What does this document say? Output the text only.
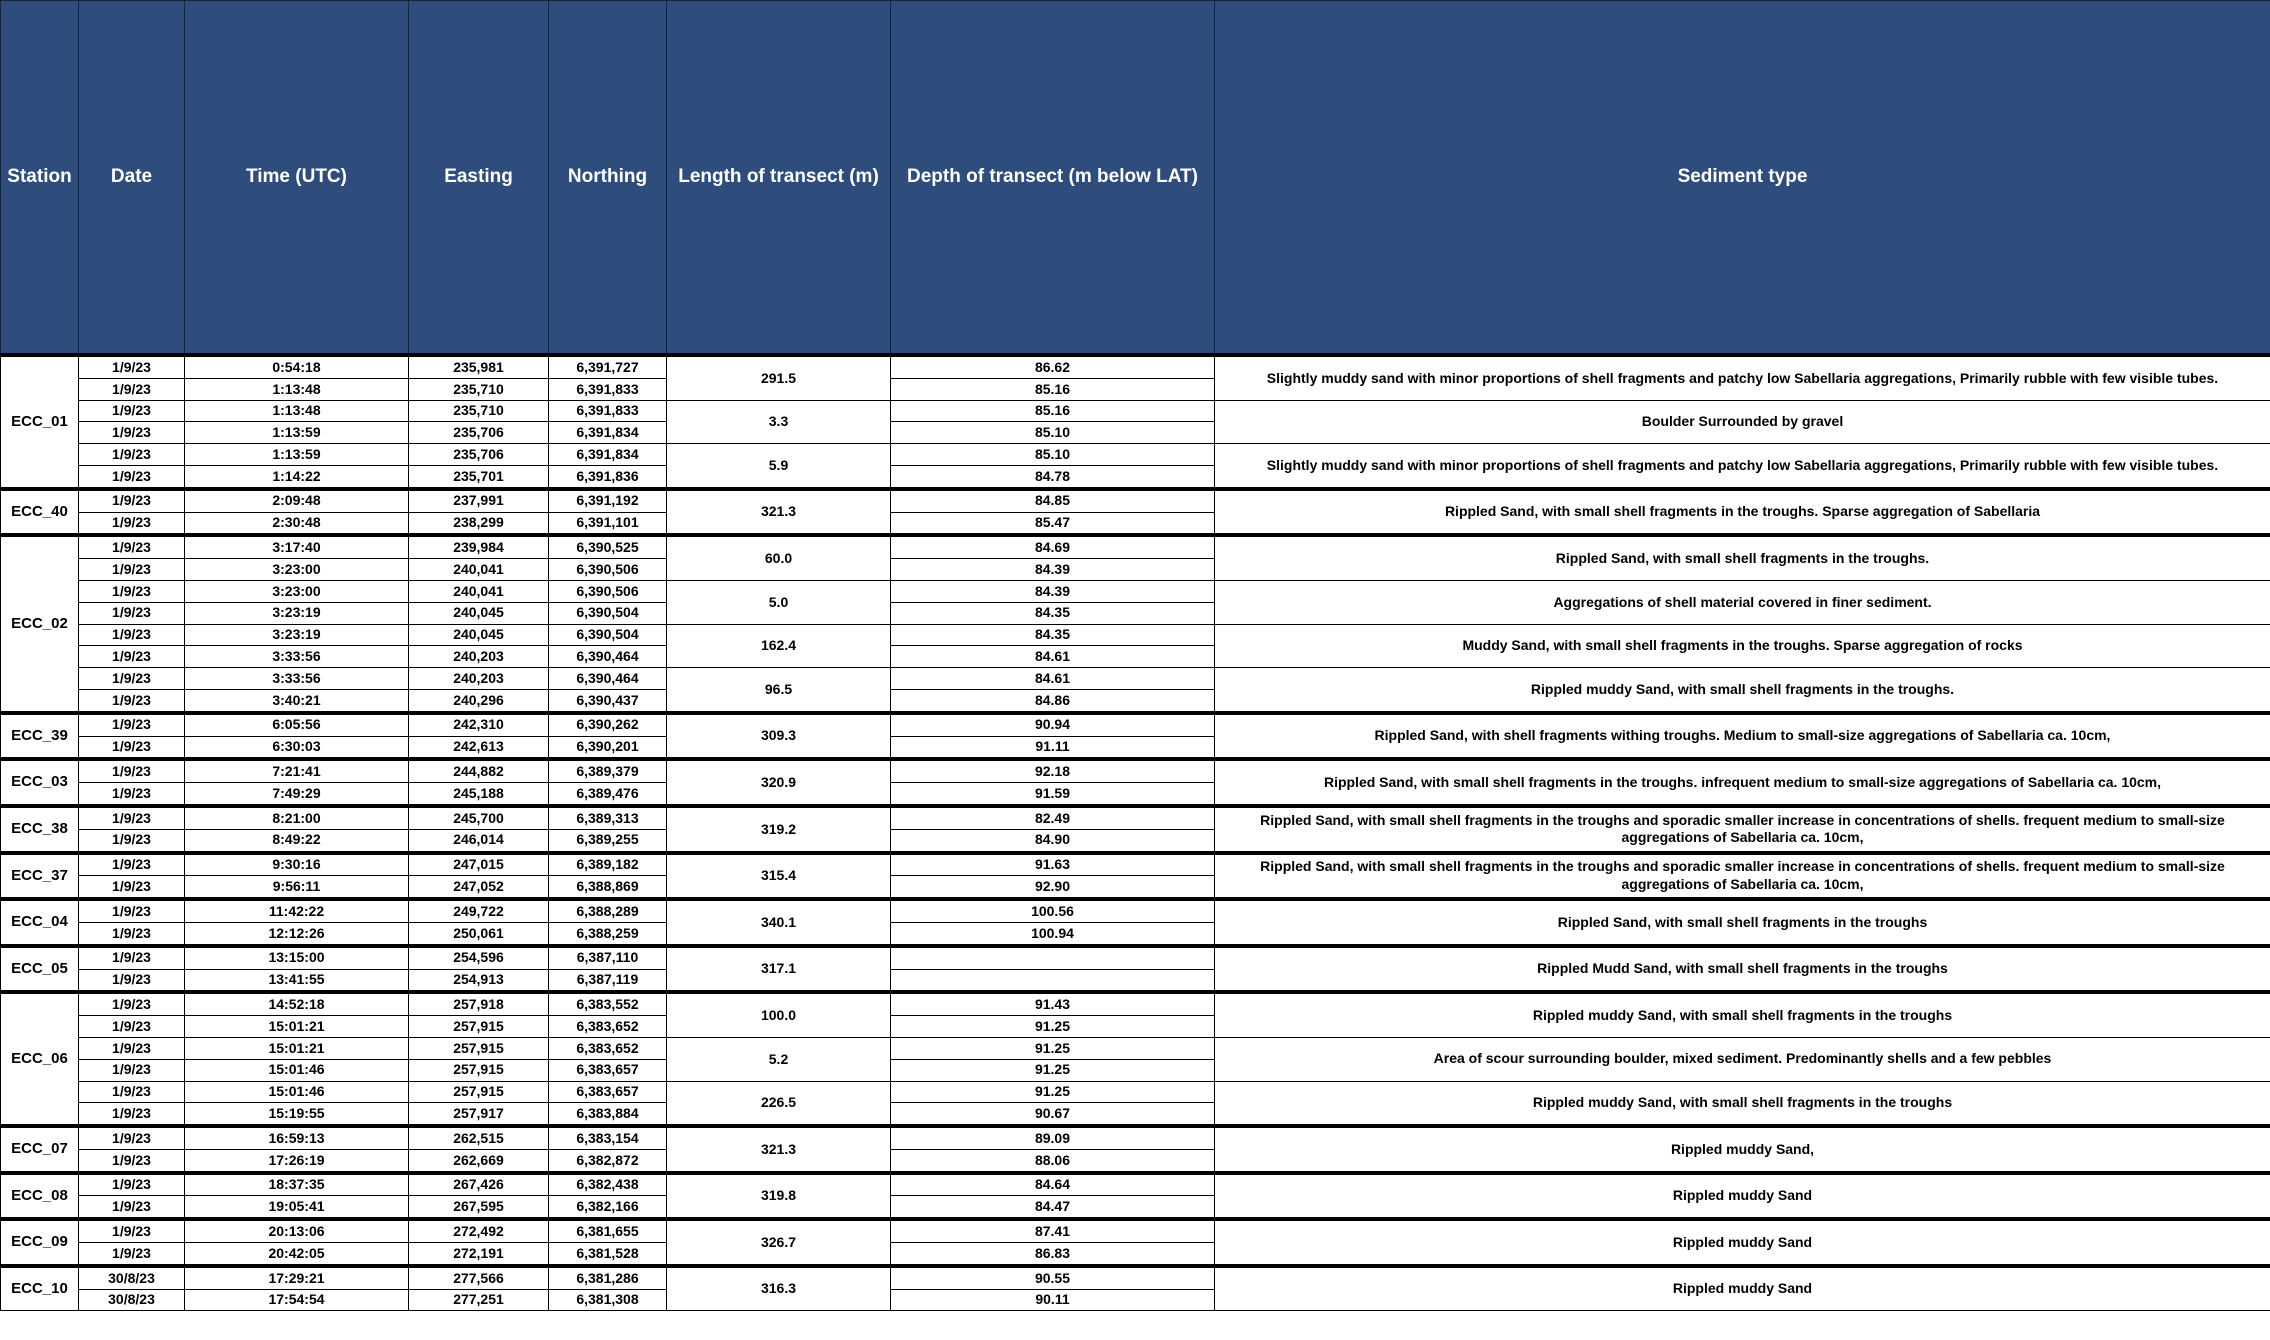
Station	Date	Time (UTC)	Easting	Northing	Length of transect (m)	Depth of transect (m below LAT)	Sediment type
ECC_01	1/9/23	0:54:18	235,981	6,391,727	291.5	86.62	Slightly muddy sand with minor proportions of shell fragments and patchy low Sabellaria aggregations, Primarily rubble with few visible tubes.
	1/9/23	1:13:48	235,710	6,391,833		85.16	
	1/9/23	1:13:48	235,710	6,391,833	3.3	85.16	Boulder Surrounded by gravel
	1/9/23	1:13:59	235,706	6,391,834		85.10	
	1/9/23	1:13:59	235,706	6,391,834	5.9	85.10	Slightly muddy sand with minor proportions of shell fragments and patchy low Sabellaria aggregations, Primarily rubble with few visible tubes.
	1/9/23	1:14:22	235,701	6,391,836		84.78	
ECC_40	1/9/23	2:09:48	237,991	6,391,192	321.3	84.85	Rippled Sand, with small shell fragments in the troughs. Sparse aggregation of Sabellaria
	1/9/23	2:30:48	238,299	6,391,101		85.47	
ECC_02	1/9/23	3:17:40	239,984	6,390,525	60.0	84.69	Rippled Sand, with small shell fragments in the troughs.
	1/9/23	3:23:00	240,041	6,390,506		84.39	
	1/9/23	3:23:00	240,041	6,390,506	5.0	84.39	Aggregations of shell material covered in finer sediment.
	1/9/23	3:23:19	240,045	6,390,504		84.35	
	1/9/23	3:23:19	240,045	6,390,504	162.4	84.35	Muddy Sand, with small shell fragments in the troughs. Sparse aggregation of rocks
	1/9/23	3:33:56	240,203	6,390,464		84.61	
	1/9/23	3:33:56	240,203	6,390,464	96.5	84.61	Rippled muddy Sand, with small shell fragments in the troughs.
	1/9/23	3:40:21	240,296	6,390,437		84.86	
ECC_39	1/9/23	6:05:56	242,310	6,390,262	309.3	90.94	Rippled Sand, with shell fragments withing troughs. Medium to small-size aggregations of Sabellaria ca. 10cm,
	1/9/23	6:30:03	242,613	6,390,201		91.11	
ECC_03	1/9/23	7:21:41	244,882	6,389,379	320.9	92.18	Rippled Sand, with small shell fragments in the troughs. infrequent medium to small-size aggregations of Sabellaria ca. 10cm,
	1/9/23	7:49:29	245,188	6,389,476		91.59	
ECC_38	1/9/23	8:21:00	245,700	6,389,313	319.2	82.49	Rippled Sand, with small shell fragments in the troughs and sporadic smaller increase in concentrations of shells. frequent medium to small-size aggregations of Sabellaria ca. 10cm,
	1/9/23	8:49:22	246,014	6,389,255		84.90	
ECC_37	1/9/23	9:30:16	247,015	6,389,182	315.4	91.63	Rippled Sand, with small shell fragments in the troughs and sporadic smaller increase in concentrations of shells. frequent medium to small-size aggregations of Sabellaria ca. 10cm,
	1/9/23	9:56:11	247,052	6,388,869		92.90	
ECC_04	1/9/23	11:42:22	249,722	6,388,289	340.1	100.56	Rippled Sand, with small shell fragments in the troughs
	1/9/23	12:12:26	250,061	6,388,259		100.94	
ECC_05	1/9/23	13:15:00	254,596	6,387,110	317.1		Rippled Mudd Sand, with small shell fragments in the troughs
	1/9/23	13:41:55	254,913	6,387,119			
ECC_06	1/9/23	14:52:18	257,918	6,383,552	100.0	91.43	Rippled muddy Sand, with small shell fragments in the troughs
	1/9/23	15:01:21	257,915	6,383,652		91.25	
	1/9/23	15:01:21	257,915	6,383,652	5.2	91.25	Area of scour surrounding boulder, mixed sediment. Predominantly shells and a few pebbles
	1/9/23	15:01:46	257,915	6,383,657		91.25	
	1/9/23	15:01:46	257,915	6,383,657	226.5	91.25	Rippled muddy Sand, with small shell fragments in the troughs
	1/9/23	15:19:55	257,917	6,383,884		90.67	
ECC_07	1/9/23	16:59:13	262,515	6,383,154	321.3	89.09	Rippled muddy Sand,
	1/9/23	17:26:19	262,669	6,382,872		88.06	
ECC_08	1/9/23	18:37:35	267,426	6,382,438	319.8	84.64	Rippled muddy Sand
	1/9/23	19:05:41	267,595	6,382,166		84.47	
ECC_09	1/9/23	20:13:06	272,492	6,381,655	326.7	87.41	Rippled muddy Sand
	1/9/23	20:42:05	272,191	6,381,528		86.83	
ECC_10	30/8/23	17:29:21	277,566	6,381,286	316.3	90.55	Rippled muddy Sand
	30/8/23	17:54:54	277,251	6,381,308		90.11	
